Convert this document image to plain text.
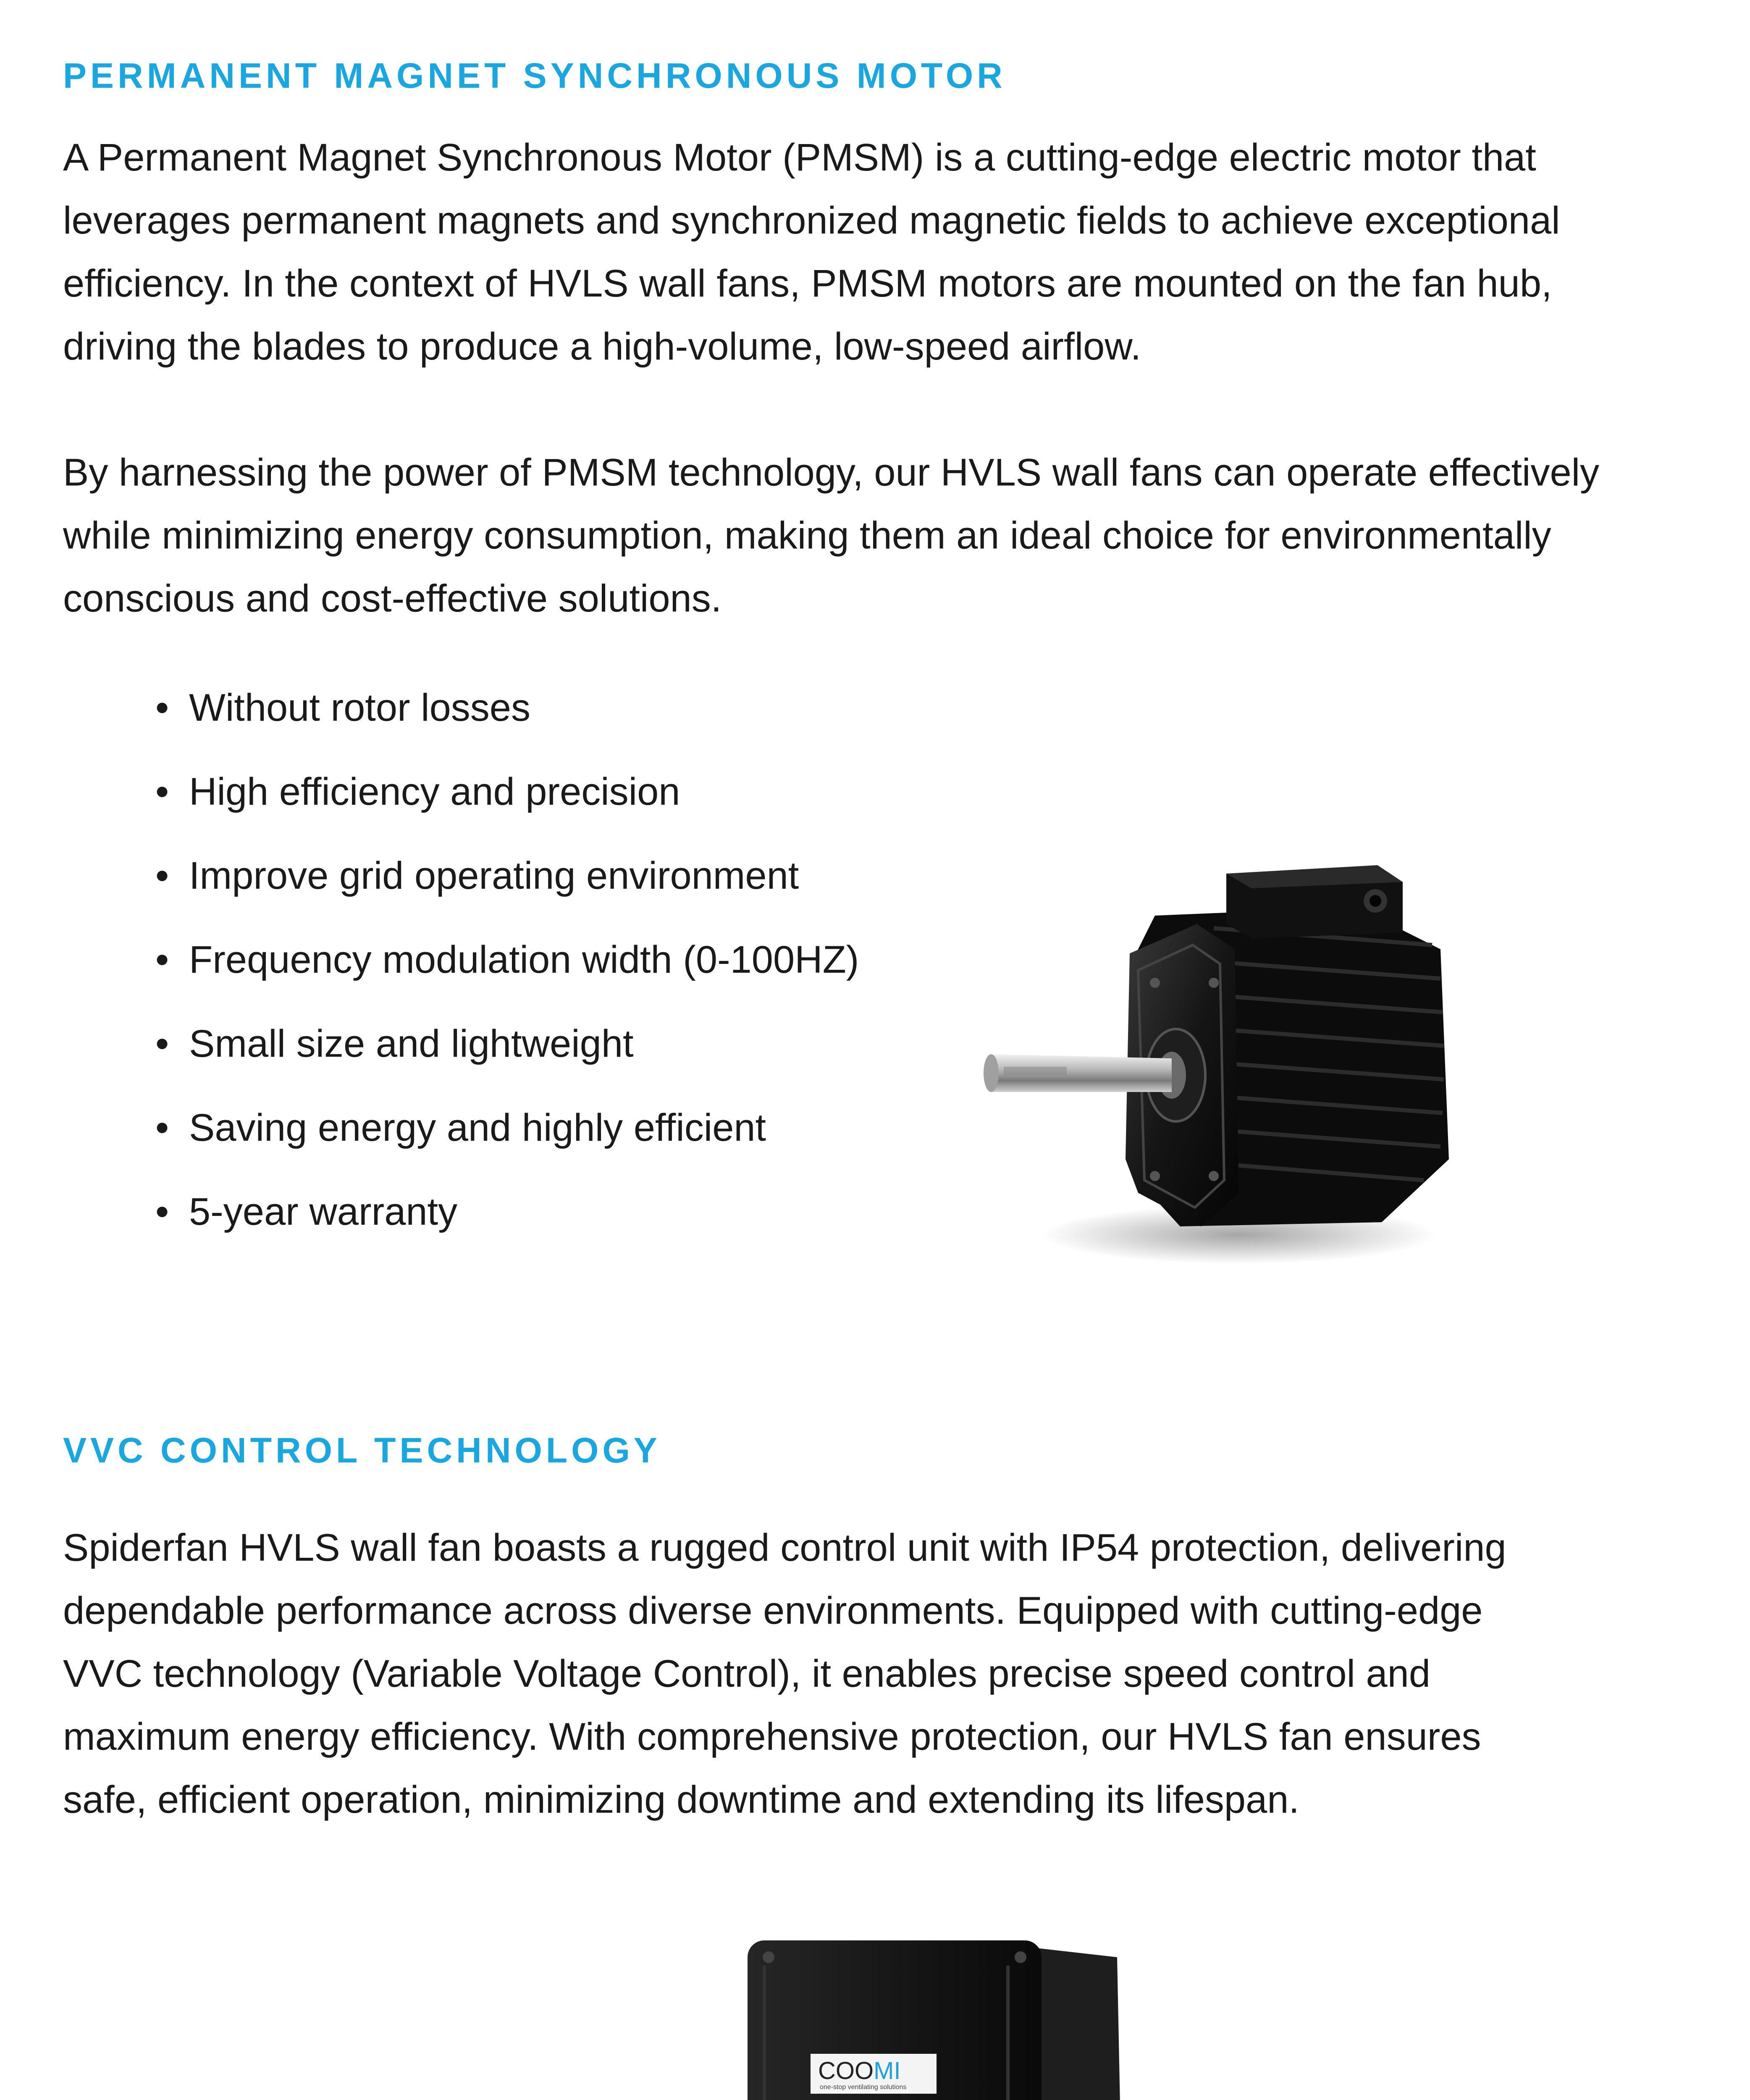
PERMANENT MAGNET SYNCHRONOUS MOTOR

A Permanent Magnet Synchronous Motor (PMSM) is a cutting-edge electric motor that
leverages permanent magnets and synchronized magnetic fields to achieve exceptional
efficiency. In the context of HVLS wall fans, PMSM motors are mounted on the fan hub,
driving the blades to produce a high-volume, low-speed airflow.

By harnessing the power of PMSM technology, our HVLS wall fans can operate effectively
while minimizing energy consumption, making them an ideal choice for environmentally
conscious and cost-effective solutions.

• Without rotor losses
• High efficiency and precision
• Improve grid operating environment
• Frequency modulation width (0-100HZ)
• Small size and lightweight
• Saving energy and highly efficient
• 5-year warranty
VVC CONTROL TECHNOLOGY

Spiderfan HVLS wall fan boasts a rugged control unit with IP54 protection, delivering
dependable performance across diverse environments. Equipped with cutting-edge
VVC technology (Variable Voltage Control), it enables precise speed control and
maximum energy efficiency. With comprehensive protection, our HVLS fan ensures
safe, efficient operation, minimizing downtime and extending its lifespan.

COOMI
one-stop ventilating solutions
